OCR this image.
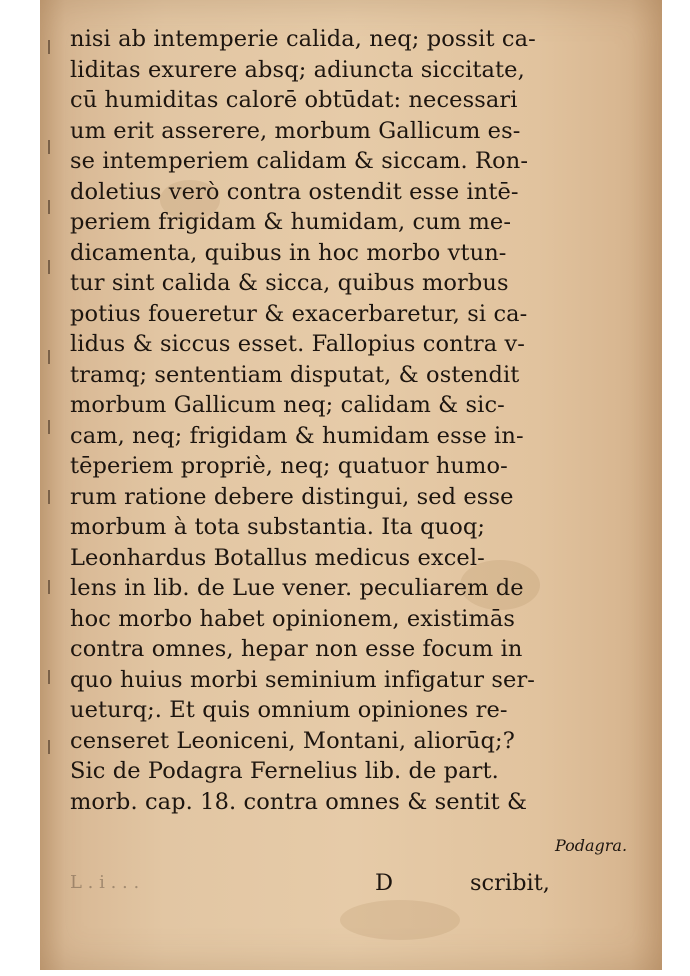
nisi ab intemperie calida, neq; possit ca-
liditas exurere absq; adiuncta siccitate,
cū humiditas calorē obtūdat: necessari
um erit asserere, morbum Gallicum es-
se intemperiem calidam & siccam. Ron-
doletius verò contra ostendit esse intē-
periem frigidam & humidam, cum me-
dicamenta, quibus in hoc morbo vtun-
tur sint calida & sicca, quibus morbus
potius foueretur & exacerbaretur, si ca-
lidus & siccus esset. Fallopius contra v-
tramq; sententiam disputat, & ostendit
morbum Gallicum neq; calidam & sic-
cam, neq; frigidam & humidam esse in-
tēperiem propriè, neq; quatuor humo-
rum ratione debere distingui, sed esse
morbum à tota substantia. Ita quoq;
Leonhardus Botallus medicus excel-
lens in lib. de Lue vener. peculiarem de
hoc morbo habet opinionem, existimās
contra omnes, hepar non esse focum in
quo huius morbi seminium infigatur ser-
ueturq;. Et quis omnium opiniones re-
censeret Leoniceni, Montani, aliorūq;?
Sic de Podagra Fernelius lib. de part.
morb. cap. 18. contra omnes & sentit &
Podagra.
L . i . . .	D	scribit,
